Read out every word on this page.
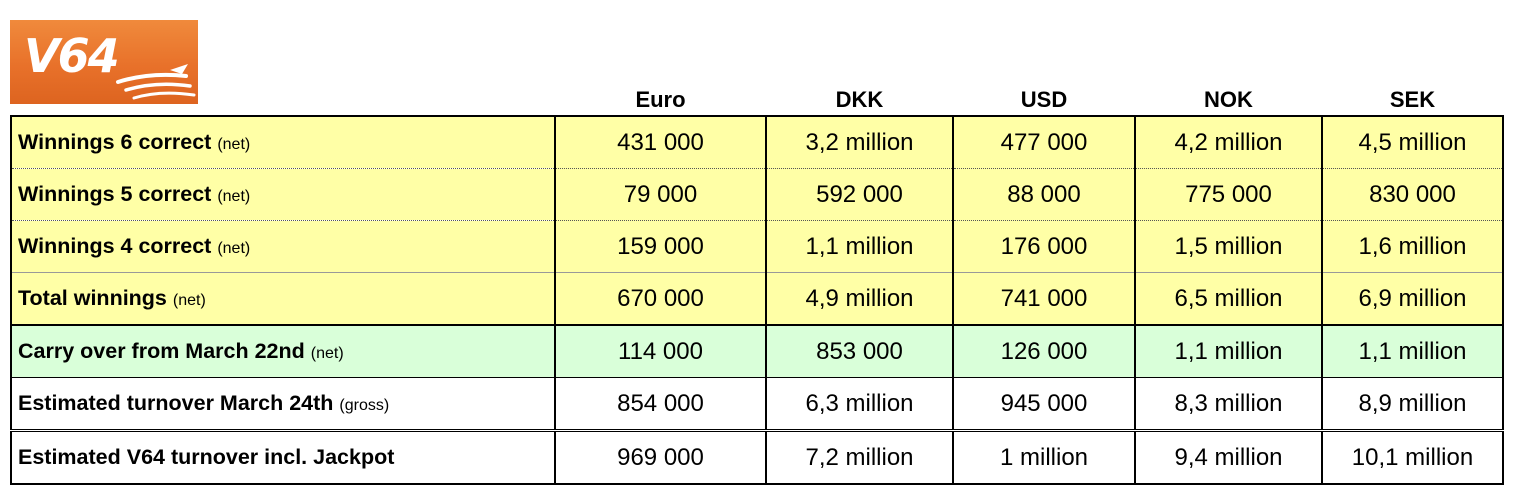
V64
	Euro	DKK	USD	NOK	SEK
Winnings 6 correct (net)	431 000	3,2 million	477 000	4,2 million	4,5 million
Winnings 5 correct (net)	79 000	592 000	88 000	775 000	830 000
Winnings 4 correct (net)	159 000	1,1 million	176 000	1,5 million	1,6 million
Total winnings (net)	670 000	4,9 million	741 000	6,5 million	6,9 million
Carry over from March 22nd (net)	114 000	853 000	126 000	1,1 million	1,1 million
Estimated turnover March 24th (gross)	854 000	6,3 million	945 000	8,3 million	8,9 million
Estimated V64 turnover incl. Jackpot	969 000	7,2 million	1 million	9,4 million	10,1 million
